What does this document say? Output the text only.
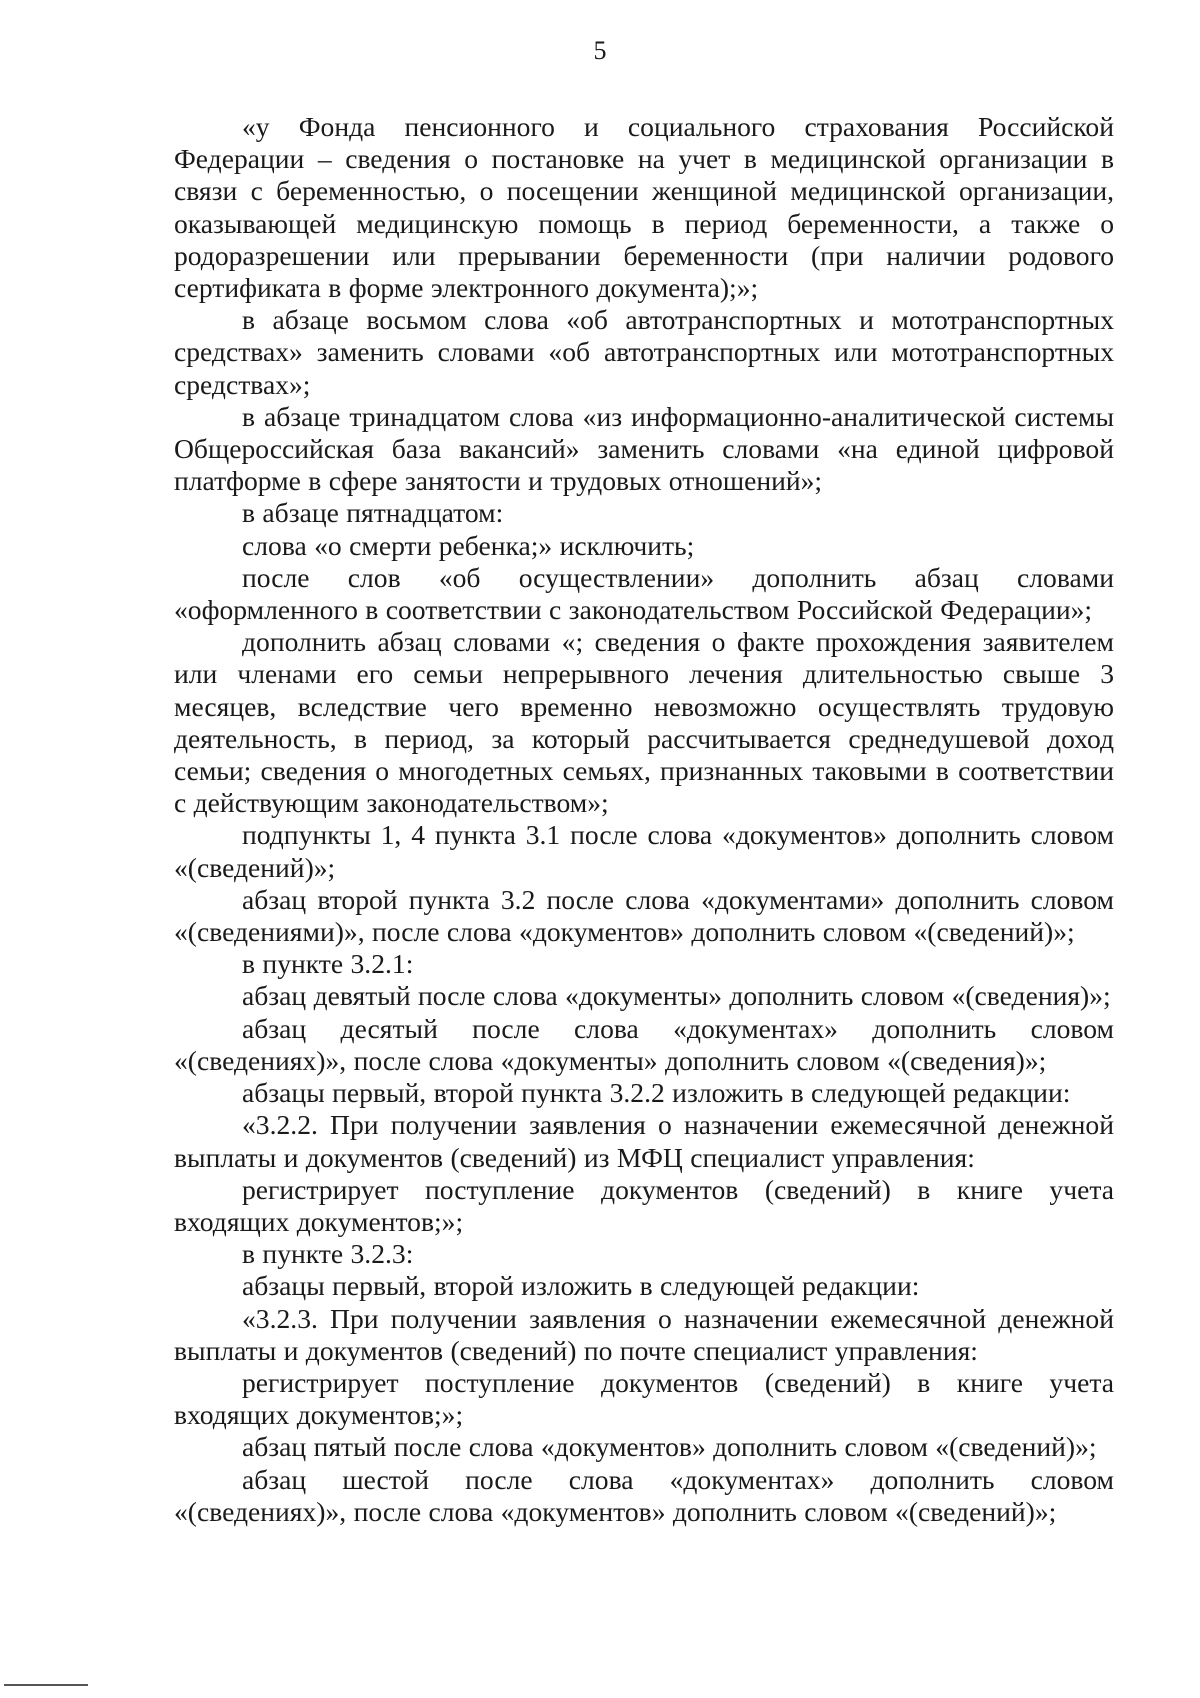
5

«у Фонда пенсионного и социального страхования Российской Федерации – сведения о постановке на учет в медицинской организации в связи с беременностью, о посещении женщиной медицинской организации, оказывающей медицинскую помощь в период беременности, а также о родоразрешении или прерывании беременности (при наличии родового сертификата в форме электронного документа);»;

в абзаце восьмом слова «об автотранспортных и мототранспортных средствах» заменить словами «об автотранспортных или мототранспортных средствах»;

в абзаце тринадцатом слова «из информационно-аналитической системы Общероссийская база вакансий» заменить словами «на единой цифровой платформе в сфере занятости и трудовых отношений»;

в абзаце пятнадцатом:

слова «о смерти ребенка;» исключить;

после слов «об осуществлении» дополнить абзац словами «оформленного в соответствии с законодательством Российской Федерации»;

дополнить абзац словами «; сведения о факте прохождения заявителем или членами его семьи непрерывного лечения длительностью свыше 3 месяцев, вследствие чего временно невозможно осуществлять трудовую деятельность, в период, за который рассчитывается среднедушевой доход семьи; сведения о многодетных семьях, признанных таковыми в соответствии с действующим законодательством»;

подпункты 1, 4 пункта 3.1 после слова «документов» дополнить словом «(сведений)»;

абзац второй пункта 3.2 после слова «документами» дополнить словом «(сведениями)», после слова «документов» дополнить словом «(сведений)»;

в пункте 3.2.1:

абзац девятый после слова «документы» дополнить словом «(сведения)»;

абзац десятый после слова «документах» дополнить словом «(сведениях)», после слова «документы» дополнить словом «(сведения)»;

абзацы первый, второй пункта 3.2.2 изложить в следующей редакции:

«3.2.2. При получении заявления о назначении ежемесячной денежной выплаты и документов (сведений) из МФЦ специалист управления:

регистрирует поступление документов (сведений) в книге учета входящих документов;»;

в пункте 3.2.3:

абзацы первый, второй изложить в следующей редакции:

«3.2.3. При получении заявления о назначении ежемесячной денежной выплаты и документов (сведений) по почте специалист управления:

регистрирует поступление документов (сведений) в книге учета входящих документов;»;

абзац пятый после слова «документов» дополнить словом «(сведений)»;

абзац шестой после слова «документах» дополнить словом «(сведениях)», после слова «документов» дополнить словом «(сведений)»;
